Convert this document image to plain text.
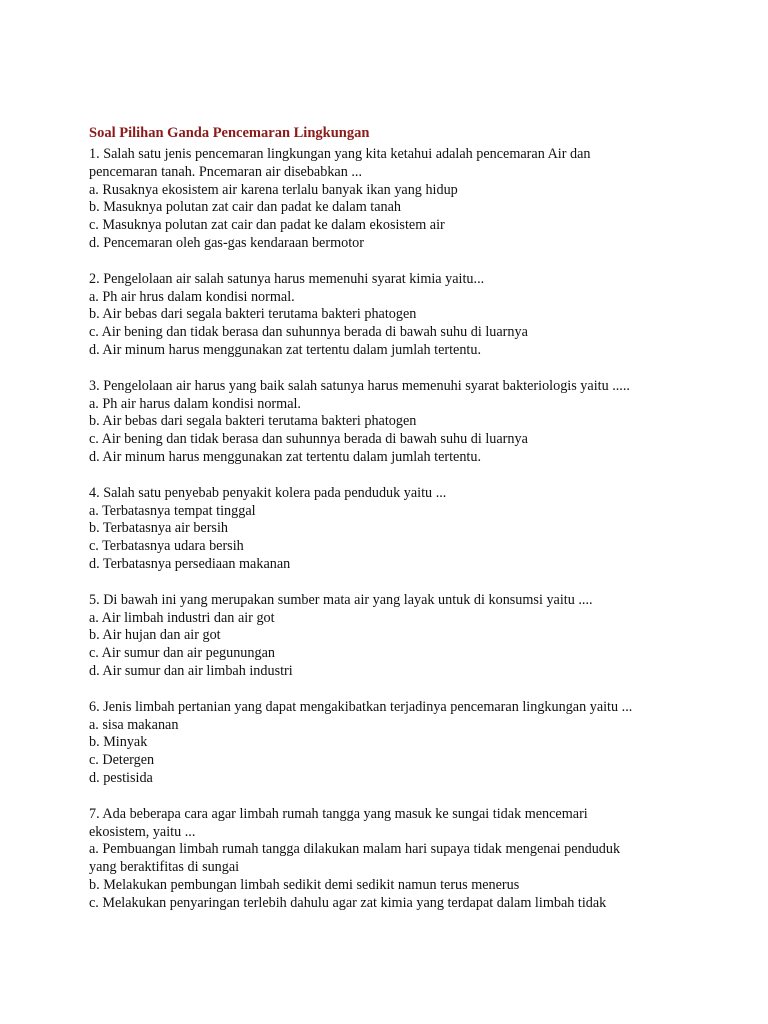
Soal Pilihan Ganda Pencemaran Lingkungan
1. Salah satu jenis pencemaran lingkungan yang kita ketahui adalah pencemaran Air dan
pencemaran tanah. Pncemaran air disebabkan ...
a. Rusaknya ekosistem air karena terlalu banyak ikan yang hidup
b. Masuknya polutan zat cair dan padat ke dalam tanah
c. Masuknya polutan zat cair dan padat ke dalam ekosistem air
d. Pencemaran oleh gas-gas kendaraan bermotor
2. Pengelolaan air salah satunya harus memenuhi syarat kimia yaitu...
a. Ph air hrus dalam kondisi normal.
b. Air bebas dari segala bakteri terutama bakteri phatogen
c. Air bening dan tidak berasa dan suhunnya berada di bawah suhu di luarnya
d. Air minum harus menggunakan zat tertentu dalam jumlah tertentu.
3. Pengelolaan air harus yang baik salah satunya harus memenuhi syarat bakteriologis yaitu .....
a. Ph air harus dalam kondisi normal.
b. Air bebas dari segala bakteri terutama bakteri phatogen
c. Air bening dan tidak berasa dan suhunnya berada di bawah suhu di luarnya
d. Air minum harus menggunakan zat tertentu dalam jumlah tertentu.
4. Salah satu penyebab penyakit kolera pada penduduk yaitu ...
a. Terbatasnya tempat tinggal
b. Terbatasnya air bersih
c. Terbatasnya udara bersih
d. Terbatasnya persediaan makanan
5. Di bawah ini yang merupakan sumber mata air yang layak untuk di konsumsi yaitu ....
a. Air limbah industri dan air got
b. Air hujan dan air got
c. Air sumur dan air pegunungan
d. Air sumur dan air limbah industri
6. Jenis limbah pertanian yang dapat mengakibatkan terjadinya pencemaran lingkungan yaitu ...
a. sisa makanan
b. Minyak
c. Detergen
d. pestisida
7. Ada beberapa cara agar limbah rumah tangga yang masuk ke sungai tidak mencemari
ekosistem, yaitu ...
a. Pembuangan limbah rumah tangga dilakukan malam hari supaya tidak mengenai penduduk
yang beraktifitas di sungai
b. Melakukan pembungan limbah sedikit demi sedikit namun terus menerus
c. Melakukan penyaringan terlebih dahulu agar zat kimia yang terdapat dalam limbah tidak
